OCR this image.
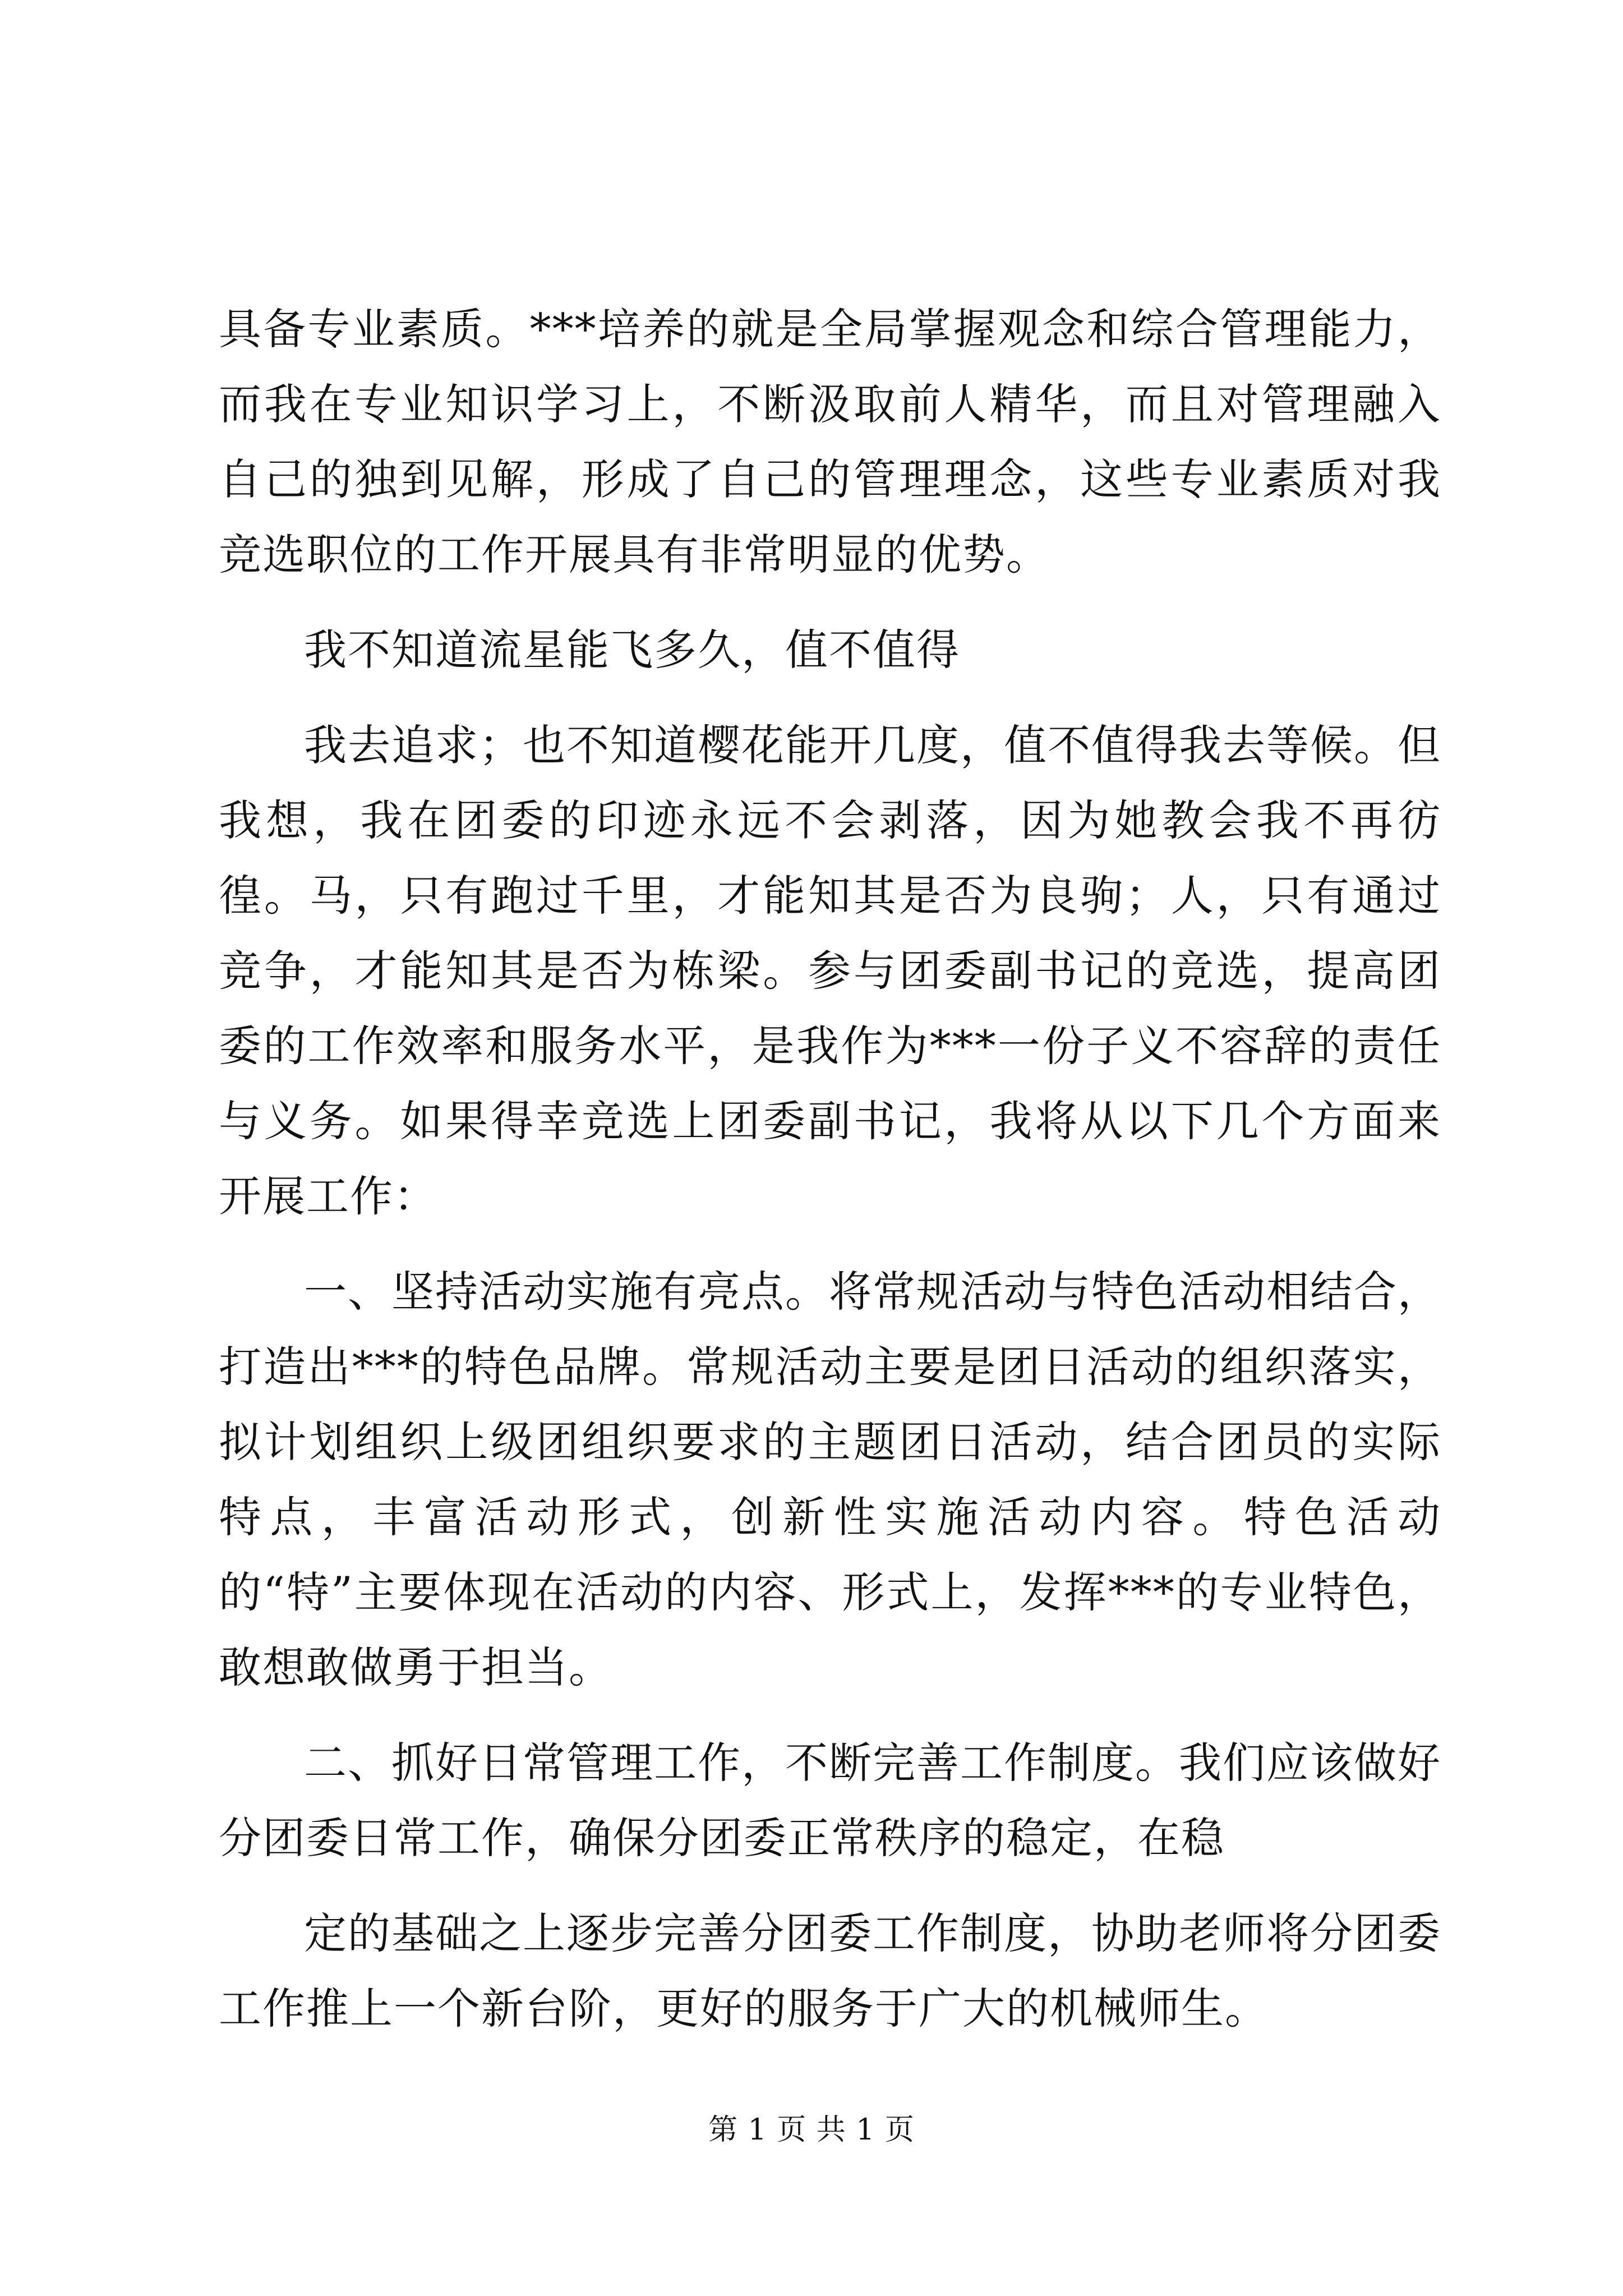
具备专业素质。***培养的就是全局掌握观念和综合管理能力，而我在专业知识学习上，不断汲取前人精华，而且对管理融入自己的独到见解，形成了自己的管理理念，这些专业素质对我竞选职位的工作开展具有非常明显的优势。

我不知道流星能飞多久，值不值得

我去追求；也不知道樱花能开几度，值不值得我去等候。但我想，我在团委的印迹永远不会剥落，因为她教会我不再彷徨。马，只有跑过千里，才能知其是否为良驹；人，只有通过竞争，才能知其是否为栋梁。参与团委副书记的竞选，提高团委的工作效率和服务水平，是我作为***一份子义不容辞的责任与义务。如果得幸竞选上团委副书记，我将从以下几个方面来开展工作：

一、坚持活动实施有亮点。将常规活动与特色活动相结合，打造出***的特色品牌。常规活动主要是团日活动的组织落实，拟计划组织上级团组织要求的主题团日活动，结合团员的实际特点，丰富活动形式，创新性实施活动内容。特色活动的“特”主要体现在活动的内容、形式上，发挥***的专业特色，敢想敢做勇于担当。

二、抓好日常管理工作，不断完善工作制度。我们应该做好分团委日常工作，确保分团委正常秩序的稳定，在稳

定的基础之上逐步完善分团委工作制度，协助老师将分团委工作推上一个新台阶，更好的服务于广大的机械师生。

第 1 页 共 1 页
